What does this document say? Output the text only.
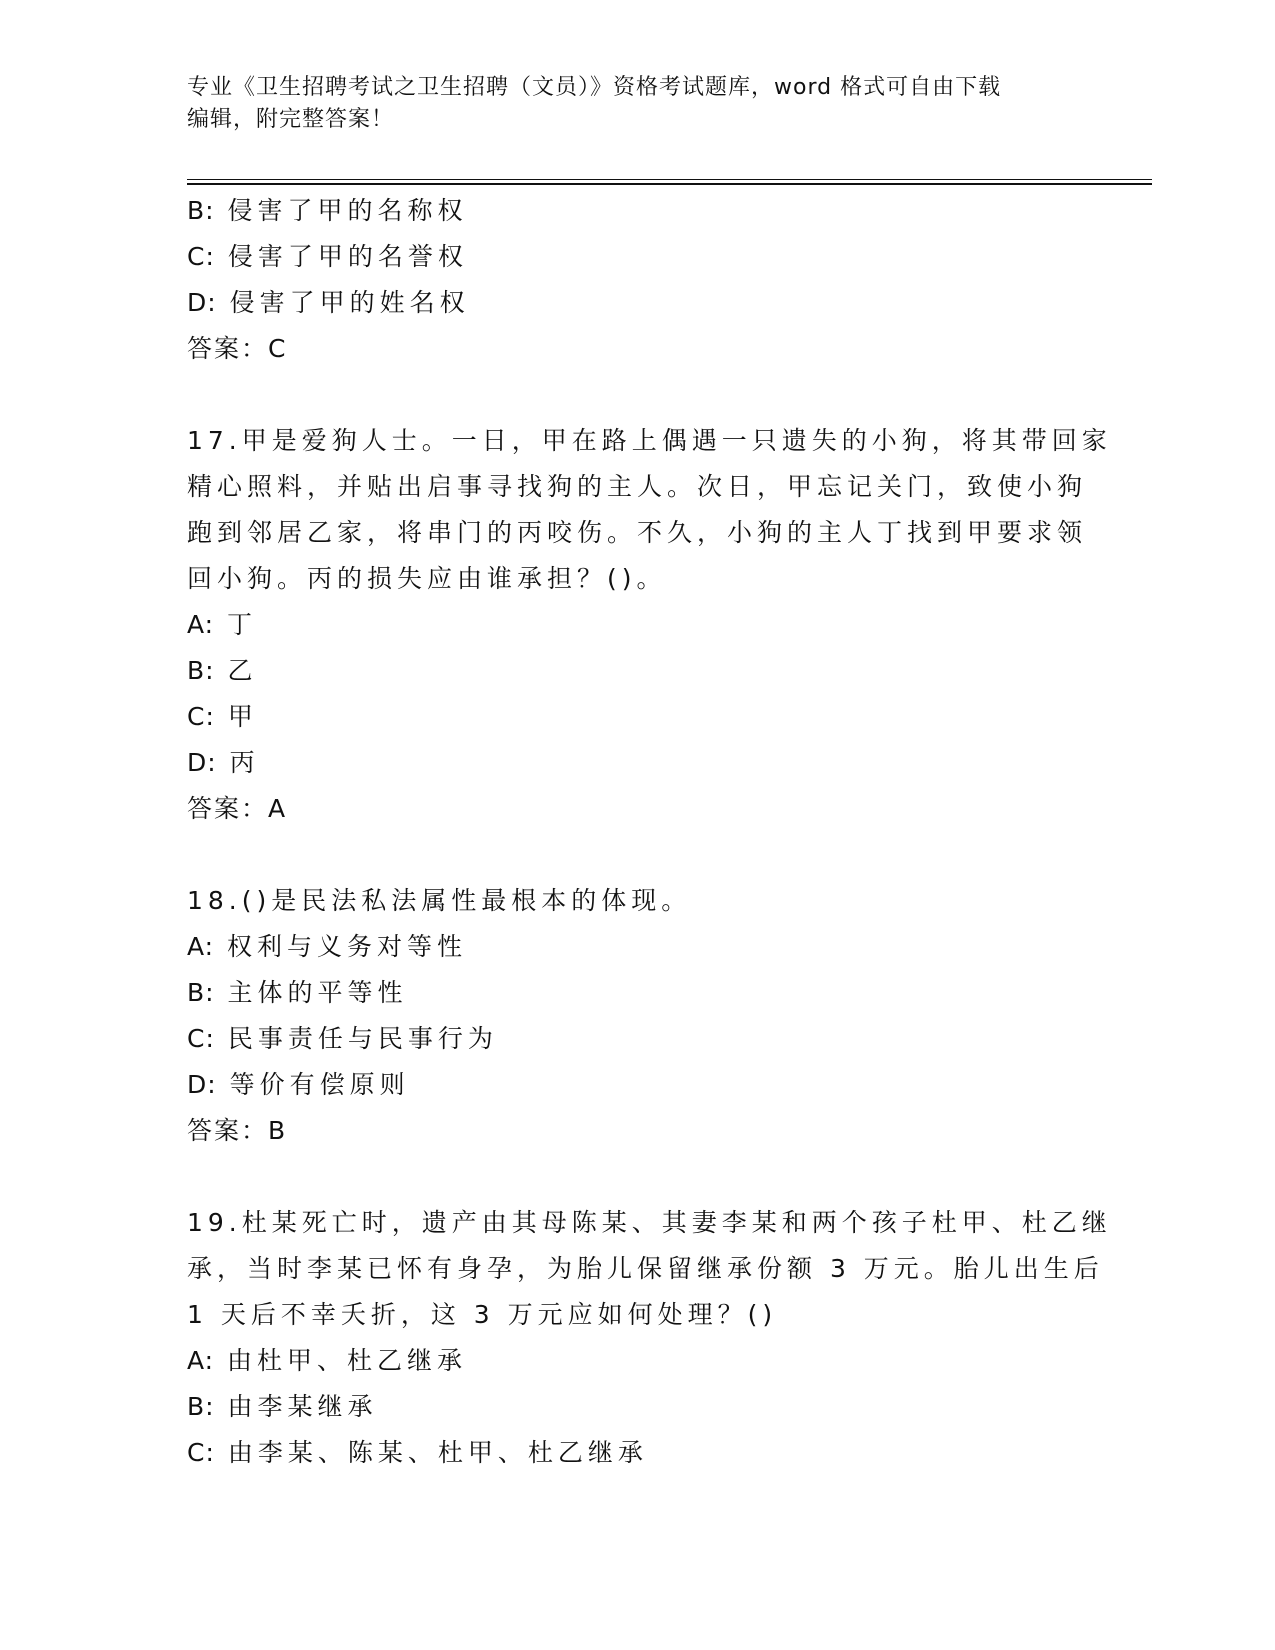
专业《卫生招聘考试之卫生招聘（文员）》资格考试题库，word 格式可自由下载
编辑，附完整答案！
B: 侵害了甲的名称权
C: 侵害了甲的名誉权
D: 侵害了甲的姓名权
答案：C
17.甲是爱狗人士。一日，甲在路上偶遇一只遗失的小狗，将其带回家
精心照料，并贴出启事寻找狗的主人。次日，甲忘记关门，致使小狗
跑到邻居乙家，将串门的丙咬伤。不久，小狗的主人丁找到甲要求领
回小狗。丙的损失应由谁承担？()。
A: 丁
B: 乙
C: 甲
D: 丙
答案：A
18.()是民法私法属性最根本的体现。
A: 权利与义务对等性
B: 主体的平等性
C: 民事责任与民事行为
D: 等价有偿原则
答案：B
19.杜某死亡时，遗产由其母陈某、其妻李某和两个孩子杜甲、杜乙继
承，当时李某已怀有身孕，为胎儿保留继承份额 3 万元。胎儿出生后
1 天后不幸夭折，这 3 万元应如何处理？()
A: 由杜甲、杜乙继承
B: 由李某继承
C: 由李某、陈某、杜甲、杜乙继承
